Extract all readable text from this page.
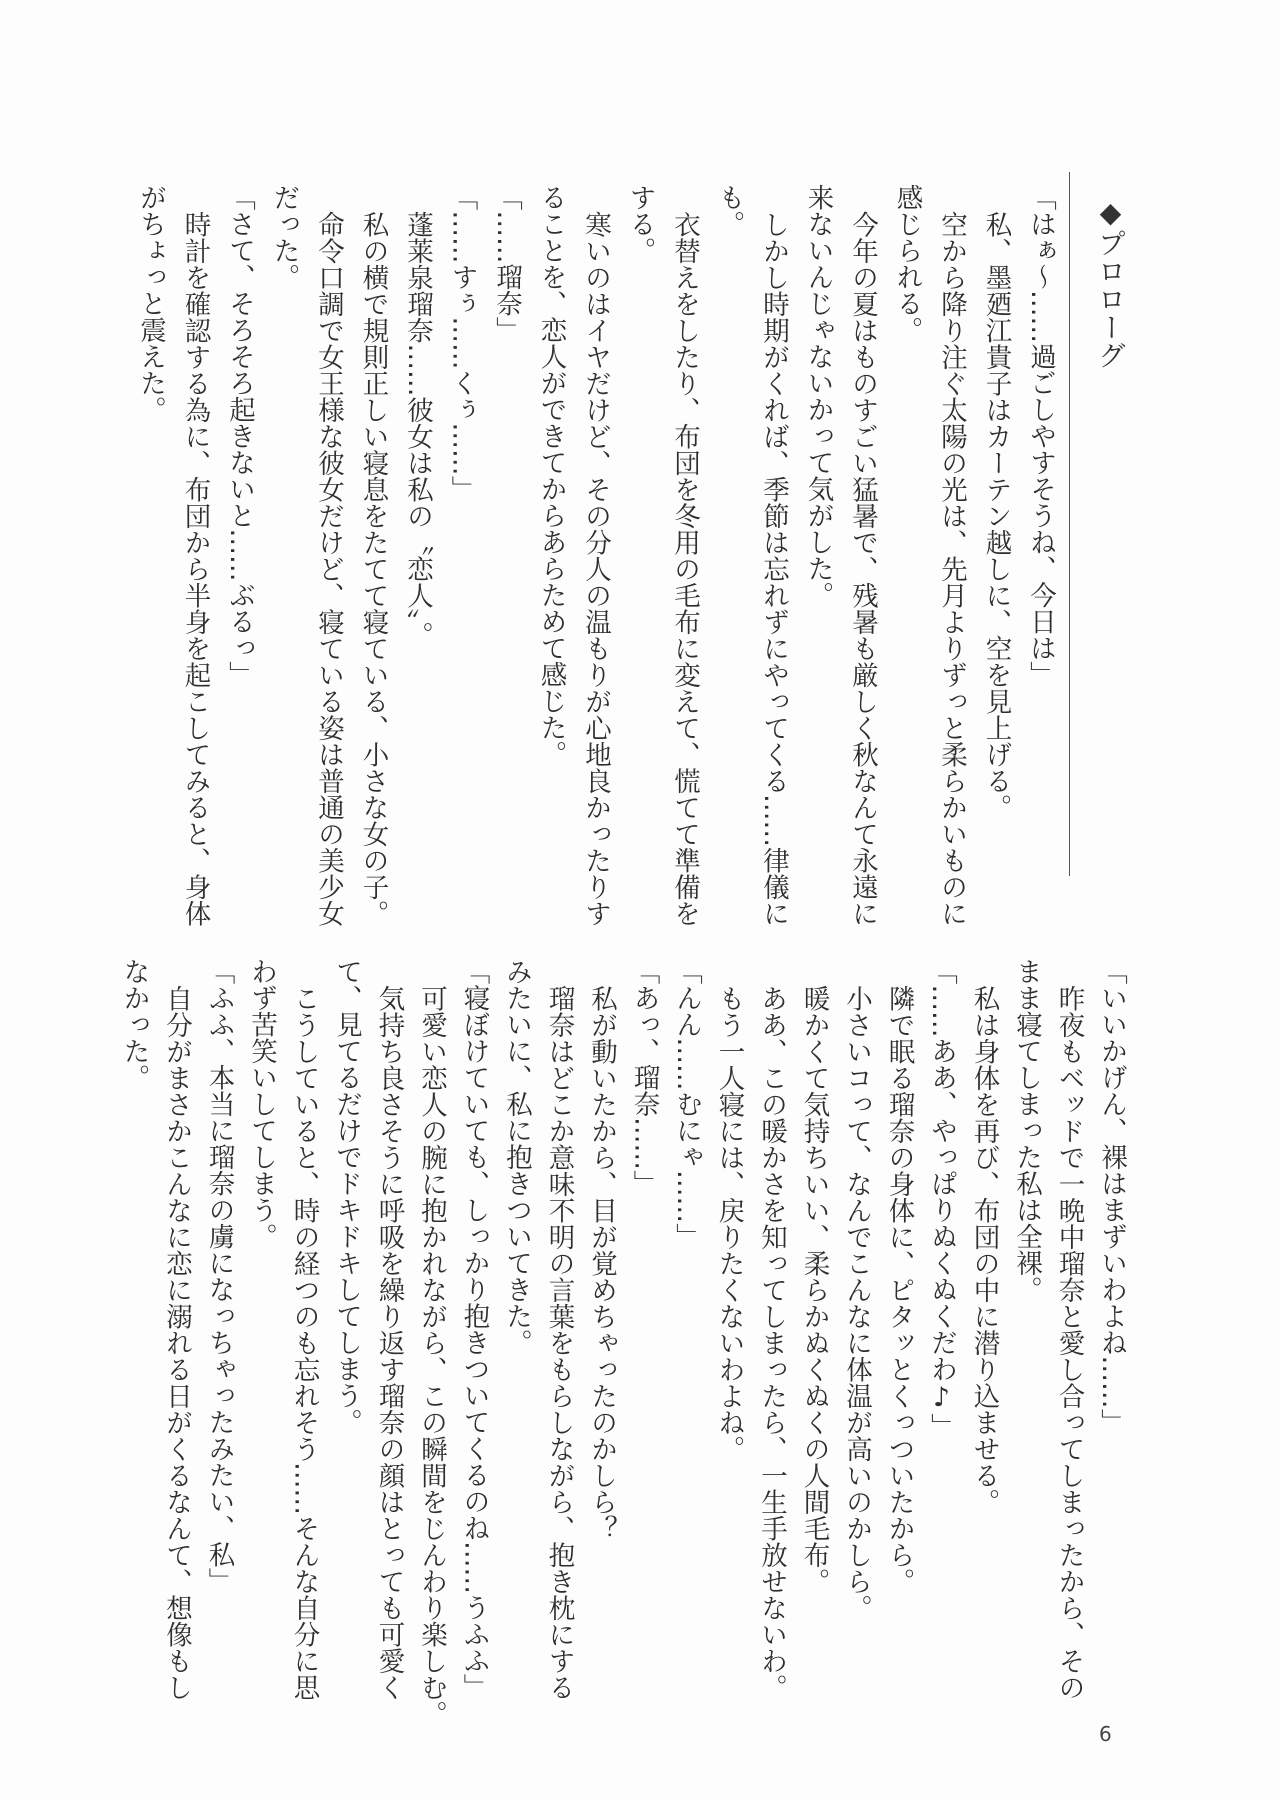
◆プロローグ
「はぁ〜……過ごしやすそうね、今日は」
私、墨廼江貴子はカーテン越しに、空を見上げる。
空から降り注ぐ太陽の光は、先月よりずっと柔らかいものに
感じられる。
今年の夏はものすごい猛暑で、残暑も厳しく秋なんて永遠に
来ないんじゃないかって気がした。
しかし時期がくれば、季節は忘れずにやってくる……律儀に
も。
衣替えをしたり、布団を冬用の毛布に変えて、慌てて準備を
する。
寒いのはイヤだけど、その分人の温もりが心地良かったりす
ることを、恋人ができてからあらためて感じた。
「……瑠奈」
「……すぅ……くぅ……」
蓬莱泉瑠奈……彼女は私の〝恋人〟。
私の横で規則正しい寝息をたてて寝ている、小さな女の子。
命令口調で女王様な彼女だけど、寝ている姿は普通の美少女
だった。
「さて、そろそろ起きないと……ぶるっ」
時計を確認する為に、布団から半身を起こしてみると、身体
がちょっと震えた。
「いいかげん、裸はまずいわよね……」
昨夜もベッドで一晩中瑠奈と愛し合ってしまったから、その
まま寝てしまった私は全裸。
私は身体を再び、布団の中に潜り込ませる。
「……ああ、やっぱりぬくぬくだわ♪」
隣で眠る瑠奈の身体に、ピタッとくっついたから。
小さいコって、なんでこんなに体温が高いのかしら。
暖かくて気持ちいい、柔らかぬくぬくの人間毛布。
ああ、この暖かさを知ってしまったら、一生手放せないわ。
もう一人寝には、戻りたくないわよね。
「んん……むにゃ……」
「あっ、瑠奈……」
私が動いたから、目が覚めちゃったのかしら？
瑠奈はどこか意味不明の言葉をもらしながら、抱き枕にする
みたいに、私に抱きついてきた。
「寝ぼけていても、しっかり抱きついてくるのね……うふふ」
可愛い恋人の腕に抱かれながら、この瞬間をじんわり楽しむ。
気持ち良さそうに呼吸を繰り返す瑠奈の顔はとっても可愛く
て、見てるだけでドキドキしてしまう。
こうしていると、時の経つのも忘れそう……そんな自分に思
わず苦笑いしてしまう。
「ふふ、本当に瑠奈の虜になっちゃったみたい、私」
自分がまさかこんなに恋に溺れる日がくるなんて、想像もし
なかった。
6
